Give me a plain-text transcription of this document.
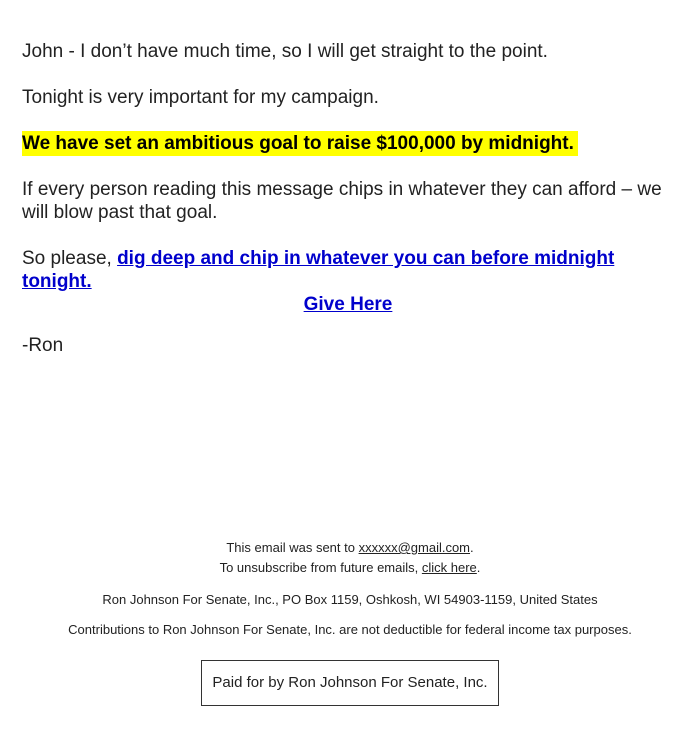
John - I don’t have much time, so I will get straight to the point.

Tonight is very important for my campaign.

We have set an ambitious goal to raise $100,000 by midnight.

If every person reading this message chips in whatever they can afford – we will blow past that goal.

So please, dig deep and chip in whatever you can before midnight tonight.

Give Here

-Ron

This email was sent to xxxxxx@gmail.com.

To unsubscribe from future emails, click here.

Ron Johnson For Senate, Inc., PO Box 1159, Oshkosh, WI 54903-1159, United States

Contributions to Ron Johnson For Senate, Inc. are not deductible for federal income tax purposes.

Paid for by Ron Johnson For Senate, Inc.
